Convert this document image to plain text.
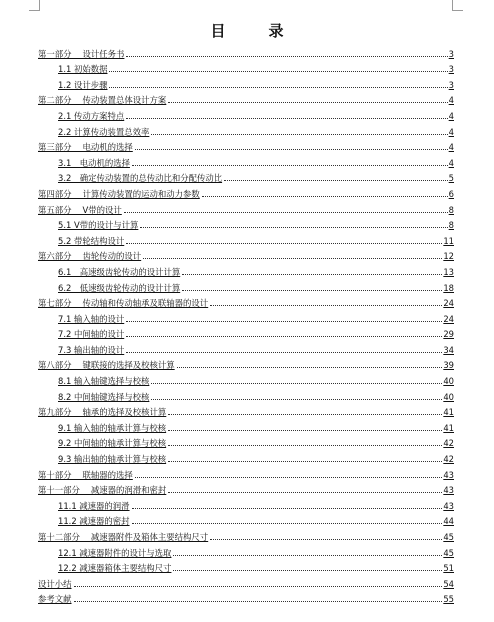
目　录
第一部分　 设计任务书	3
1.1 初始数据	3
1.2 设计步骤	3
第二部分　 传动装置总体设计方案	4
2.1 传动方案特点	4
2.2 计算传动装置总效率	4
第三部分　 电动机的选择	4
3.1　电动机的选择	4
3.2　确定传动装置的总传动比和分配传动比	5
第四部分　 计算传动装置的运动和动力参数	6
第五部分　 V带的设计	8
5.1 V带的设计与计算	8
5.2 带轮结构设计	11
第六部分　 齿轮传动的设计	12
6.1　高速级齿轮传动的设计计算	13
6.2　低速级齿轮传动的设计计算	18
第七部分　 传动轴和传动轴承及联轴器的设计	24
7.1 输入轴的设计	24
7.2 中间轴的设计	29
7.3 输出轴的设计	34
第八部分　 键联接的选择及校核计算	39
8.1 输入轴键选择与校核	40
8.2 中间轴键选择与校核	40
第九部分　 轴承的选择及校核计算	41
9.1 输入轴的轴承计算与校核	41
9.2 中间轴的轴承计算与校核	42
9.3 输出轴的轴承计算与校核	42
第十部分　 联轴器的选择	43
第十一部分　 减速器的润滑和密封	43
11.1 减速器的润滑	43
11.2 减速器的密封	44
第十二部分　 减速器附件及箱体主要结构尺寸	45
12.1 减速器附件的设计与选取	45
12.2 减速器箱体主要结构尺寸	51
设计小结	54
参考文献	55
